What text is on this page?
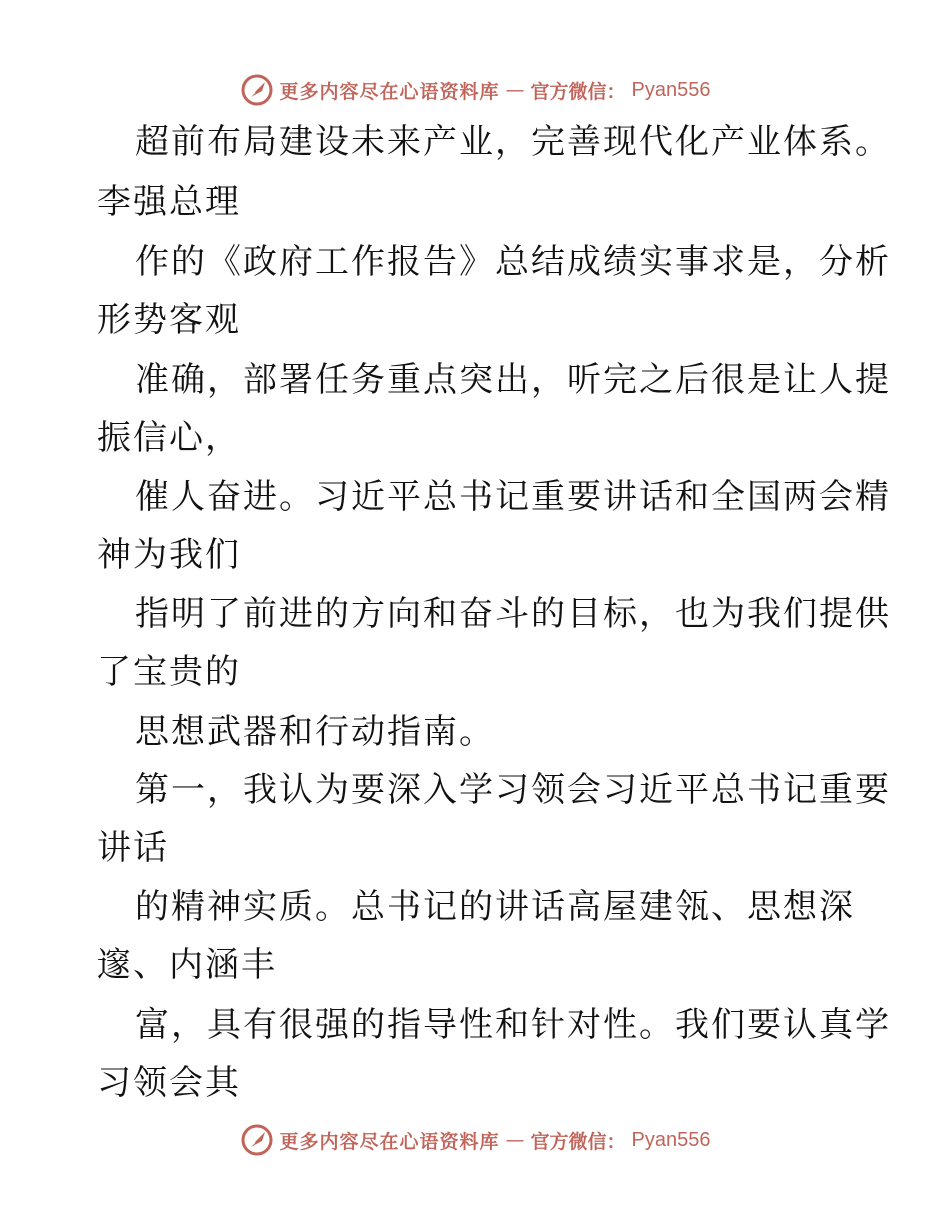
更多内容尽在心语资料库 — 官方微信： Pyan556
超前布局建设未来产业，完善现代化产业体系。
李强总理
作的《政府工作报告》总结成绩实事求是，分析
形势客观
准确，部署任务重点突出，听完之后很是让人提
振信心，
催人奋进。习近平总书记重要讲话和全国两会精
神为我们
指明了前进的方向和奋斗的目标，也为我们提供
了宝贵的
思想武器和行动指南。
第一，我认为要深入学习领会习近平总书记重要
讲话
的精神实质。总书记的讲话高屋建瓴、思想深
邃、内涵丰
富，具有很强的指导性和针对性。我们要认真学
习领会其
更多内容尽在心语资料库 — 官方微信： Pyan556
